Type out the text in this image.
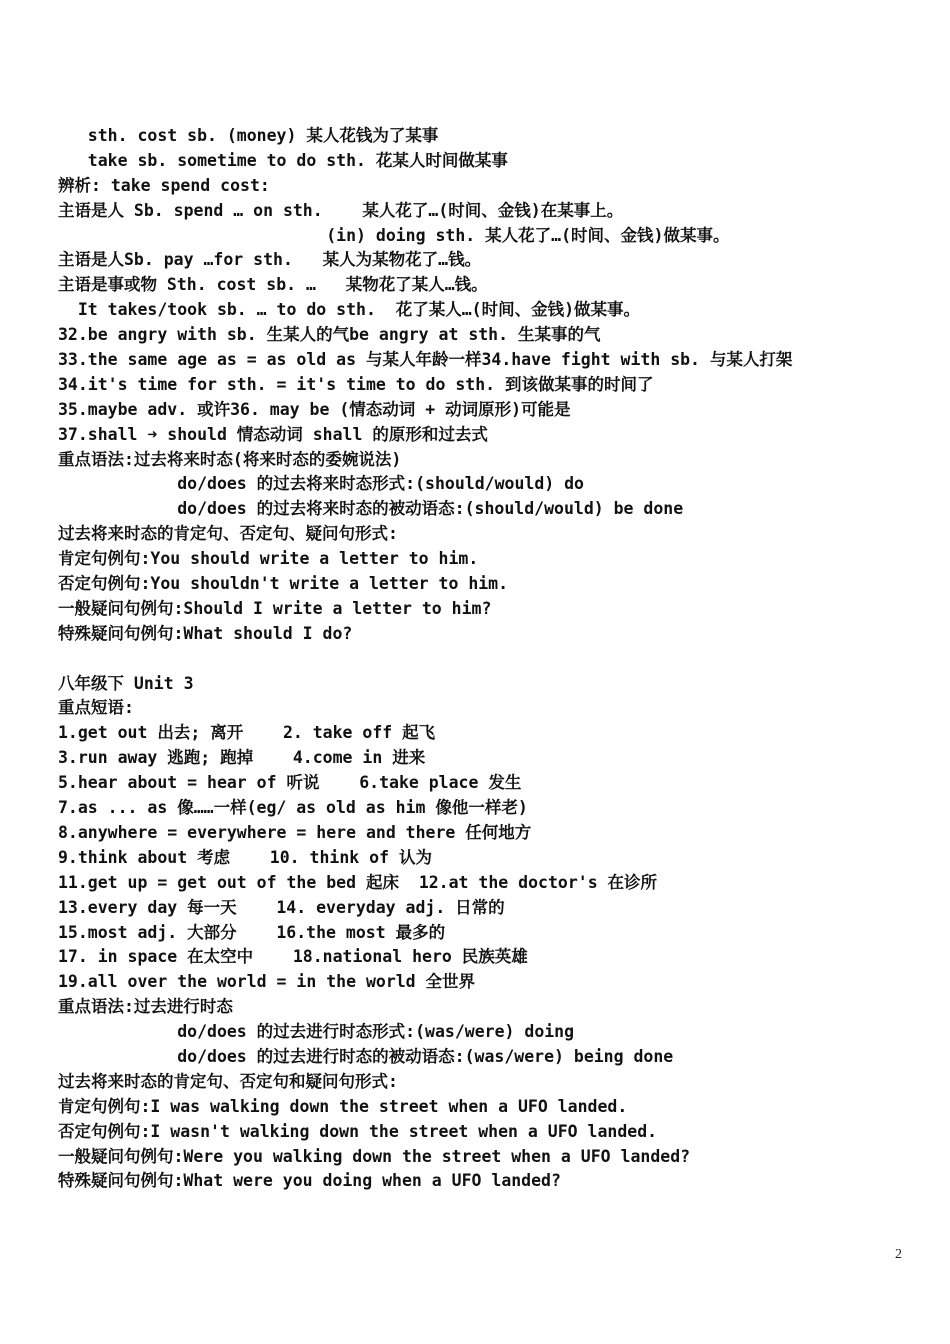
sth. cost sb. (money) 某人花钱为了某事
take sb. sometime to do sth. 花某人时间做某事
辨析: take spend cost:
主语是人 Sb. spend … on sth.    某人花了…(时间、金钱)在某事上。
(in) doing sth. 某人花了…(时间、金钱)做某事。
主语是人Sb. pay …for sth.   某人为某物花了…钱。
主语是事或物 Sth. cost sb. …   某物花了某人…钱。
It takes/took sb. … to do sth.  花了某人…(时间、金钱)做某事。
32.be angry with sb. 生某人的气be angry at sth. 生某事的气
33.the same age as = as old as 与某人年龄一样34.have fight with sb. 与某人打架
34.it's time for sth. = it's time to do sth. 到该做某事的时间了
35.maybe adv. 或许36. may be (情态动词 + 动词原形)可能是
37.shall ➜ should 情态动词 shall 的原形和过去式
重点语法:过去将来时态(将来时态的委婉说法)
do/does 的过去将来时态形式:(should/would) do
do/does 的过去将来时态的被动语态:(should/would) be done
过去将来时态的肯定句、否定句、疑问句形式:
肯定句例句:You should write a letter to him.
否定句例句:You shouldn't write a letter to him.
一般疑问句例句:Should I write a letter to him?
特殊疑问句例句:What should I do?
八年级下 Unit 3
重点短语:
1.get out 出去; 离开    2. take off 起飞
3.run away 逃跑; 跑掉    4.come in 进来
5.hear about = hear of 听说    6.take place 发生
7.as ... as 像……一样(eg/ as old as him 像他一样老)
8.anywhere = everywhere = here and there 任何地方
9.think about 考虑    10. think of 认为
11.get up = get out of the bed 起床  12.at the doctor's 在诊所
13.every day 每一天    14. everyday adj. 日常的
15.most adj. 大部分    16.the most 最多的
17. in space 在太空中    18.national hero 民族英雄
19.all over the world = in the world 全世界
重点语法:过去进行时态
do/does 的过去进行时态形式:(was/were) doing
do/does 的过去进行时态的被动语态:(was/were) being done
过去将来时态的肯定句、否定句和疑问句形式:
肯定句例句:I was walking down the street when a UFO landed.
否定句例句:I wasn't walking down the street when a UFO landed.
一般疑问句例句:Were you walking down the street when a UFO landed?
特殊疑问句例句:What were you doing when a UFO landed?
2
